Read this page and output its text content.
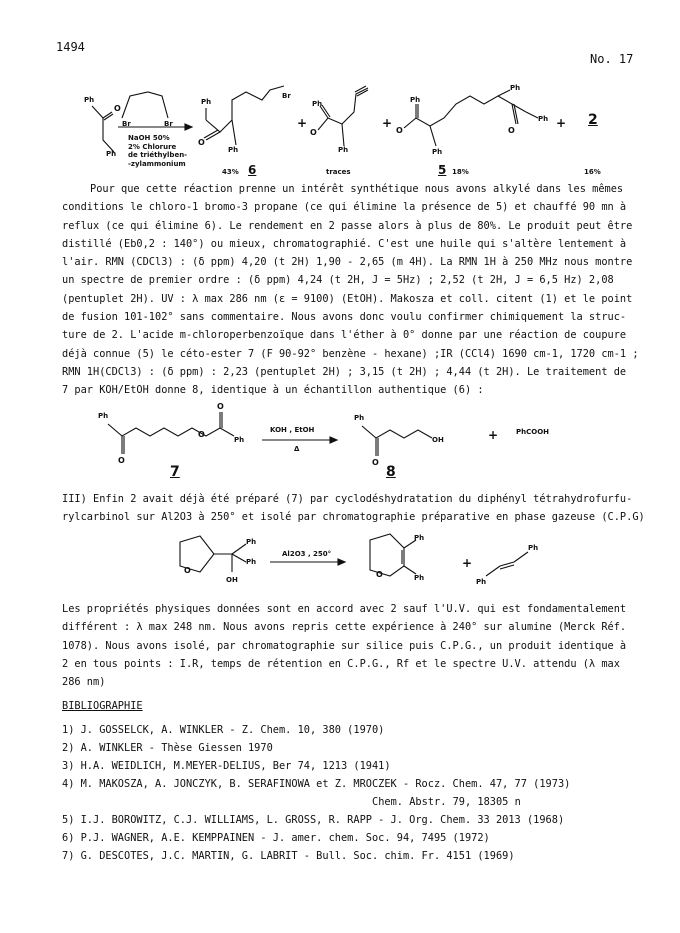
1494
No. 17
Ph
O
Ph
Br	Br
NaOH 50%
2% Chlorure
de triéthylben-
-zylammonium
Ph
O
Ph
Br
43% 6
+
Ph
O
Ph
traces
+
Ph
O
Ph
Ph
O
Ph
5 18%
+ 2
16%

Pour que cette réaction prenne un intérêt synthétique nous avons alkylé dans les mêmes
conditions le chloro-1 bromo-3 propane (ce qui élimine la présence de 5) et chauffé 90 mn à
reflux (ce qui élimine 6). Le rendement en 2 passe alors à plus de 80%. Le produit peut être
distillé (Eb0,2 : 140°) ou mieux, chromatographié. C'est une huile qui s'altère lentement à
l'air. RMN (CDCl3) : (δ ppm) 4,20 (t 2H) 1,90 - 2,65 (m 4H). La RMN 1H à 250 MHz nous montre
un spectre de premier ordre : (δ ppm) 4,24 (t 2H, J = 5Hz) ; 2,52 (t 2H, J = 6,5 Hz) 2,08
(pentuplet 2H). UV : λ max 286 nm (ε = 9100) (EtOH). Makosza et coll. citent (1) et le point
de fusion 101-102° sans commentaire. Nous avons donc voulu confirmer chimiquement la struc-
ture de 2. L'acide m-chloroperbenzoïque dans l'éther à 0° donne par une réaction de coupure
déjà connue (5) le céto-ester 7 (F 90-92° benzène - hexane) ;IR (CCl4) 1690 cm-1, 1720 cm-1 ;
RMN 1H(CDCl3) : (δ ppm) : 2,23 (pentuplet 2H) ; 3,15 (t 2H) ; 4,44 (t 2H). Le traitement de
7 par KOH/EtOH donne 8, identique à un échantillon authentique (6) :

Ph
O
O
O
Ph
KOH , EtOH
Δ
Ph
O
OH	+	PhCOOH
7	8

III) Enfin 2 avait déjà été préparé (7) par cyclodéshydratation du diphényl tétrahydrofurfu-
rylcarbinol sur Al2O3 à 250° et isolé par chromatographie préparative en phase gazeuse (C.P.G)

O
Ph
Ph
OH
Al2O3 , 250°
O
Ph
Ph
+
Ph
Ph

Les propriétés physiques données sont en accord avec 2 sauf l'U.V. qui est fondamentalement
différent : λ max 248 nm. Nous avons repris cette expérience à 240° sur alumine (Merck Réf.
1078). Nous avons isolé, par chromatographie sur silice puis C.P.G., un produit identique à
2 en tous points : I.R, temps de rétention en C.P.G., Rf et le spectre U.V. attendu (λ max
286 nm)

BIBLIOGRAPHIE
1) J. GOSSELCK, A. WINKLER - Z. Chem. 10, 380 (1970)
2) A. WINKLER - Thèse Giessen 1970
3) H.A. WEIDLICH, M.MEYER-DELIUS, Ber 74, 1213 (1941)
4) M. MAKOSZA, A. JONCZYK, B. SERAFINOWA et Z. MROCZEK - Rocz. Chem. 47, 77 (1973)
Chem. Abstr. 79, 18305 n
5) I.J. BOROWITZ, C.J. WILLIAMS, L. GROSS, R. RAPP - J. Org. Chem. 33 2013 (1968)
6) P.J. WAGNER, A.E. KEMPPAINEN - J. amer. chem. Soc. 94, 7495 (1972)
7) G. DESCOTES, J.C. MARTIN, G. LABRIT - Bull. Soc. chim. Fr. 4151 (1969)
